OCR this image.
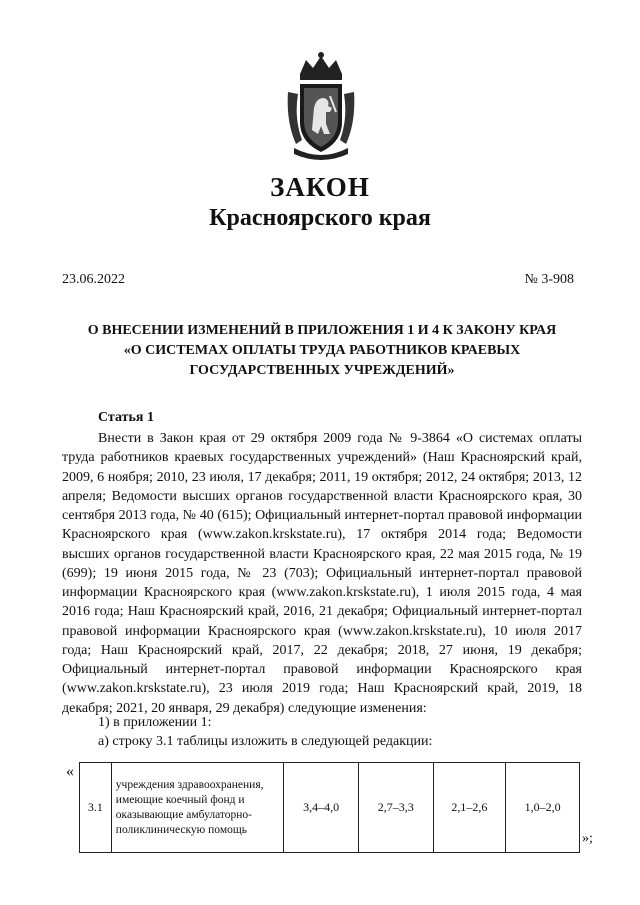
ЗАКОН
Красноярского края
23.06.2022	№ 3-908
О ВНЕСЕНИИ ИЗМЕНЕНИЙ В ПРИЛОЖЕНИЯ 1 И 4 К ЗАКОНУ КРАЯ
«О СИСТЕМАХ ОПЛАТЫ ТРУДА РАБОТНИКОВ КРАЕВЫХ
ГОСУДАРСТВЕННЫХ УЧРЕЖДЕНИЙ»
Статья 1

Внести в Закон края от 29 октября 2009 года № 9-3864 «О системах оплаты труда работников краевых государственных учреждений» (Наш Красноярский край, 2009, 6 ноября; 2010, 23 июля, 17 декабря; 2011, 19 октября; 2012, 24 октября; 2013, 12 апреля; Ведомости высших органов государственной власти Красноярского края, 30 сентября 2013 года, № 40 (615); Официальный интернет-портал правовой информации Красноярского края (www.zakon.krskstate.ru), 17 октября 2014 года; Ведомости высших органов государственной власти Красноярского края, 22 мая 2015 года, № 19 (699); 19 июня 2015 года, № 23 (703); Официальный интернет-портал правовой информации Красноярского края (www.zakon.krskstate.ru), 1 июля 2015 года, 4 мая 2016 года; Наш Красноярский край, 2016, 21 декабря; Официальный интернет-портал правовой информации Красноярского края (www.zakon.krskstate.ru), 10 июля 2017 года; Наш Красноярский край, 2017, 22 декабря; 2018, 27 июня, 19 декабря; Официальный интернет-портал правовой информации Красноярского края (www.zakon.krskstate.ru), 23 июля 2019 года; Наш Красноярский край, 2019, 18 декабря; 2021, 20 января, 29 декабря) следующие изменения:

1) в приложении 1:
а) строку 3.1 таблицы изложить в следующей редакции:
«
3.1	учреждения здравоохранения, имеющие коечный фонд и оказывающие амбулаторно-поликлиническую помощь	3,4–4,0	2,7–3,3	2,1–2,6	1,0–2,0
»;
